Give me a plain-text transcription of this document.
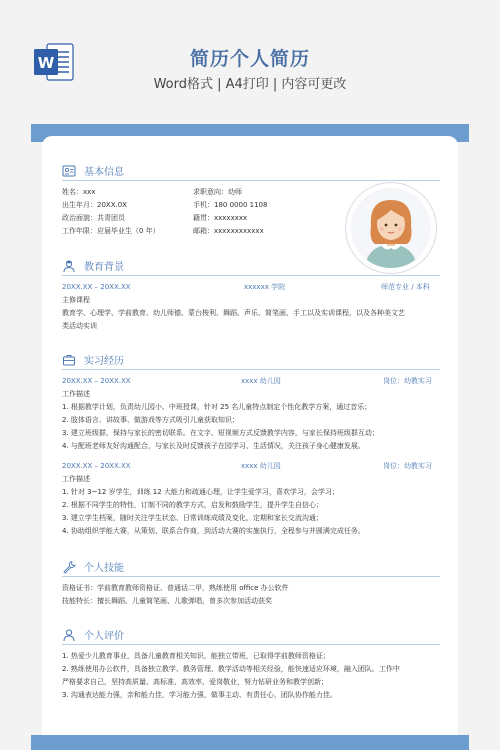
W	简历个人简历
Word格式 | A4打印 | 内容可更改
基本信息
姓名：xxx
出生年月：20XX.0X
政治面貌：共青团员
工作年限：应届毕业生（0 年）
求职意向：幼师
手机：180 0000 1108
籍贯：xxxxxxxx
邮箱：xxxxxxxxxxxx
教育背景
20XX.XX – 20XX.XX	xxxxxx 学院	师范专业 / 本科
主修课程
教育学、心理学、学前教育、幼儿师德、蒙台梭利、舞蹈、声乐、简笔画、手工以及实训课程，以及各种美文艺
类活动实训
实习经历
20XX.XX – 20XX.XX	xxxx 幼儿园	岗位：幼教实习
工作描述
1. 根据教学计划，负责幼儿园小、中班授课，针对 25 名儿童特点制定个性化教学方案，通过音乐；
2. 肢体语言、讲故事、做游戏等方式吸引儿童获取知识；
3. 建立班级群，保持与家长的密切联系。在文字、短视频方式反馈教学内容，与家长保持班级群互动；
4. 与配班老师友好沟通配合，与家长及时反馈孩子在园学习、生活情况，关注孩子身心健康发展。
20XX.XX – 20XX.XX	xxxx 幼儿园	岗位：幼教实习
工作描述
1. 针对 3~12 岁学生，训练 12 大能力和疏通心理，让学生爱学习，喜欢学习，会学习；
2. 根据不同学生的特性，订制不同的教学方式，启发和鼓励学生，提升学生自信心；
3. 建立学生档案，随时关注学生状态、日常训练成绩及变化，定期和家长交流沟通；
4. 协助组织学能大赛，从策划、联系合作商，到活动大赛的实施执行，全程参与并圆满完成任务。
个人技能
资格证书：学前教育教师资格证、普通话二甲，熟练使用 office 办公软件
技能特长：擅长舞蹈、儿童简笔画、儿歌弹唱，曾多次参加活动获奖
个人评价
1. 热爱少儿教育事业，具备儿童教育相关知识，能独立带班，已取得学前教师资格证；
2. 熟练使用办公软件，具备独立教学、教务管理、教学活动等相关经验，能快速适应环境，融入团队。工作中
严格要求自己，坚持高质量、高标准、高效率，爱岗敬业，努力钻研业务和教学创新；
3. 沟通表达能力强，亲和能力佳，学习能力强，做事主动、有责任心，团队协作能力佳。
